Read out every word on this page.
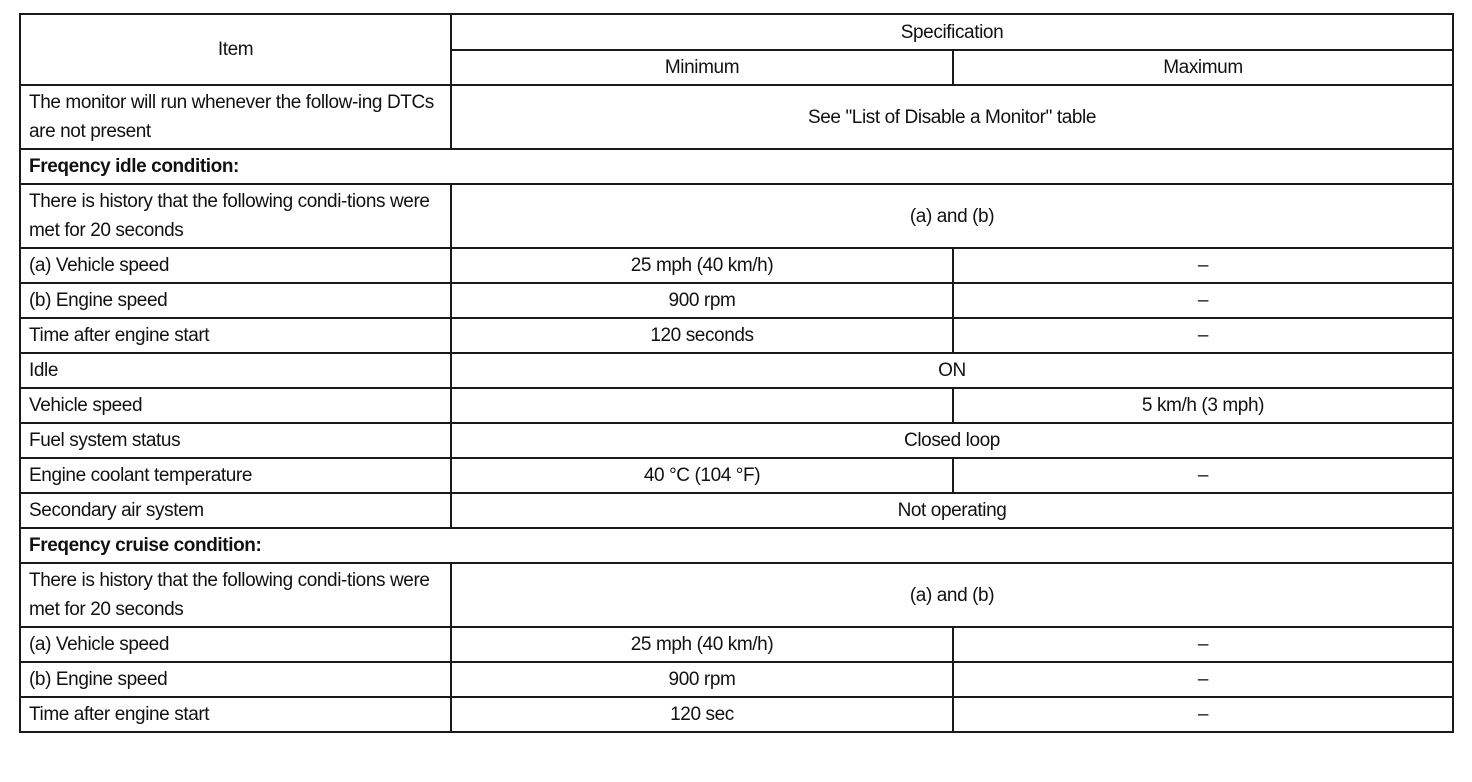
Item	Specification	
	Minimum	Maximum
The monitor will run whenever the follow-ing DTCs are not present	See "List of Disable a Monitor" table	
Freqency idle condition:		
There is history that the following condi-tions were met for 20 seconds	(a) and (b)	
(a) Vehicle speed	25 mph (40 km/h)	–
(b) Engine speed	900 rpm	–
Time after engine start	120 seconds	–
Idle	ON	
Vehicle speed		5 km/h (3 mph)
Fuel system status	Closed loop	
Engine coolant temperature	40 °C (104 °F)	–
Secondary air system	Not operating	
Freqency cruise condition:		
There is history that the following condi-tions were met for 20 seconds	(a) and (b)	
(a) Vehicle speed	25 mph (40 km/h)	–
(b) Engine speed	900 rpm	–
Time after engine start	120 sec	–
